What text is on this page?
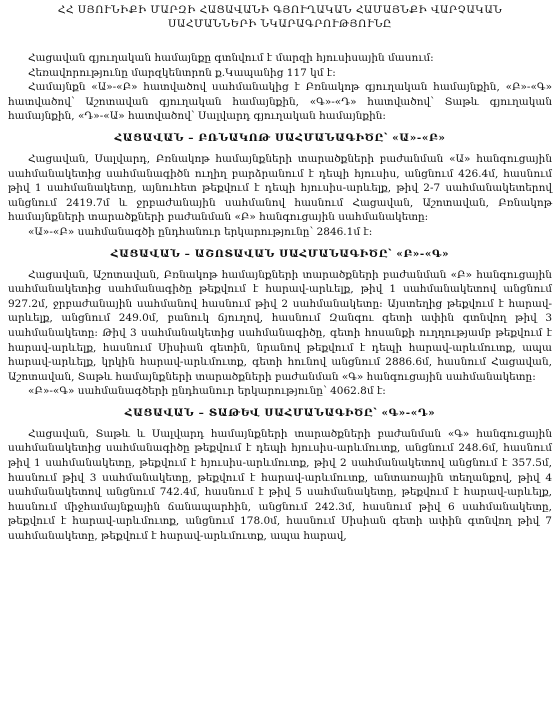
ՀՀ ՍՅՈՒՆԻՔԻ ՄԱՐԶԻ ՀԱՑԱՎԱՆԻ ԳՅՈՒՂԱԿԱՆ ՀԱՄԱՅՆՔԻ ՎԱՐՉԱԿԱՆ
ՍԱՀՄԱՆՆԵՐԻ ՆԿԱՐԱԳՐՈՒԹՅՈՒՆԸ

Հացավան գյուղական համայնքը գտնվում է մարզի հյուսիսային մասում:

Հեռավորությունը մարզկենտրոն ք.Կապանից 117 կմ է:

Համայնքն «Ա»-«Բ» հատվածով սահմանակից է Բռնակոթ գյուղական համայնքին, «Բ»-«Գ» հատվածով՝ Աշոտավան գյուղական համայնքին, «Գ»-«Դ» հատվածով՝ Տաթև գյուղական համայնքին, «Դ»-«Ա» հատվածով՝ Սալվարդ գյուղական համայնքին:

ՀԱՑԱՎԱՆ – ԲՌՆԱԿՈԹ ՍԱՀՄԱՆԱԳԻԾԸ՝ «Ա»-«Բ»

Հացավան, Սալվարդ, Բռնակոթ համայնքների տարածքների բաժանման «Ա» հանգուցային սահմանակետից սահմանագիծն ուղիղ բարձրանում է դեպի հյուսիս, անցնում 426.4մ, հասնում թիվ 1 սահմանակետը, այնուհետ թեքվում է դեպի հյուսիս-արևելք, թիվ 2-7 սահմանակետերով անցնում 2419.7մ և ջրբաժանային սահմանով հասնում Հացավան, Աշոտավան, Բռնակոթ համայնքների տարածքների բաժանման «Բ» հանգուցային սահմանակետը:

«Ա»-«Բ» սահմանագծի ընդհանուր երկարությունը՝ 2846.1մ է:

ՀԱՑԱՎԱՆ – ԱՇՈՏԱՎԱՆ ՍԱՀՄԱՆԱԳԻԾԸ՝ «Բ»-«Գ»

Հացավան, Աշոտավան, Բռնակոթ համայնքների տարածքների բաժանման «Բ» հանգուցային սահմանակետից սահմանագիծը թեքվում է հարավ-արևելք, թիվ 1 սահմանակետով անցնում 927.2մ, ջրբաժանային սահմանով հասնում թիվ 2 սահմանակետը: Այստեղից թեքվում է հարավ-արևելք, անցնում 249.0մ, բանուկ ճյուղով, հասնում Զանգու գետի ափին գտնվող թիվ 3 սահմանակետը: Թիվ 3 սահմանակետից սահմանագիծը, գետի հոսանքի ուղղությամբ թեքվում է հարավ-արևելք, հասնում Սիսիան գետին, նրանով թեքվում է դեպի հարավ-արևմուտք, ապա հարավ-արևելք, կրկին հարավ-արևմուտք, գետի հունով անցնում 2886.6մ, հասնում Հացավան, Աշոտավան, Տաթև համայնքների տարածքների բաժանման «Գ» հանգուցային սահմանակետը:

«Բ»-«Գ» սահմանագծերի ընդհանուր երկարությունը՝ 4062.8մ է:

ՀԱՑԱՎԱՆ – ՏԱԹԵՎ ՍԱՀՄԱՆԱԳԻԾԸ՝ «Գ»-«Դ»

Հացավան, Տաթև և Սալվարդ համայնքների տարածքների բաժանման «Գ» հանգուցային սահմանակետից սահմանագիծը թեքվում է դեպի հյուսիս-արևմուտք, անցնում 248.6մ, հասնում թիվ 1 սահմանակետը, թեքվում է հյուսիս-արևմուտք, թիվ 2 սահմանակետով անցնում է 357.5մ, հասնում թիվ 3 սահմանակետը, թեքվում է հարավ-արևմուտք, անտառային տեղանքով, թիվ 4 սահմանակետով անցնում 742.4մ, հասնում է թիվ 5 սահմանակետը, թեքվում է հարավ-արևելք, հասնում միջհամայնքային ճանապարհին, անցնում 242.3մ, հասնում թիվ 6 սահմանակետը, թեքվում է հարավ-արևմուտք, անցնում 178.0մ, հասնում Սիսիան գետի ափին գտնվող թիվ 7 սահմանակետը, թեքվում է հարավ-արևմուտք, ապա հարավ,
